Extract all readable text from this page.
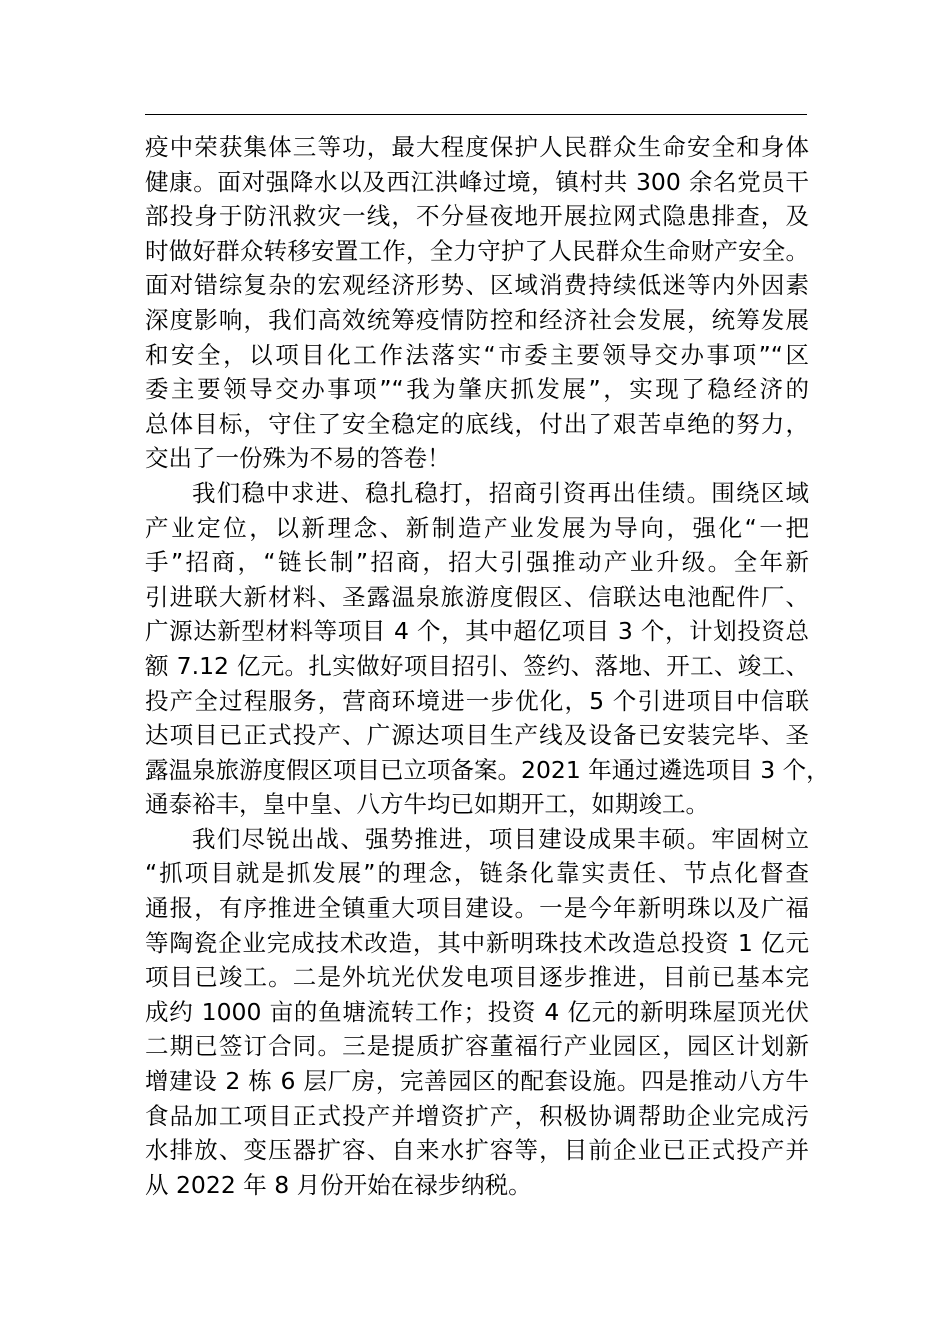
疫中荣获集体三等功，最大程度保护人民群众生命安全和身体
健康。面对强降水以及西江洪峰过境，镇村共 300 余名党员干
部投身于防汛救灾一线，不分昼夜地开展拉网式隐患排查，及
时做好群众转移安置工作，全力守护了人民群众生命财产安全。
面对错综复杂的宏观经济形势、区域消费持续低迷等内外因素
深度影响，我们高效统筹疫情防控和经济社会发展，统筹发展
和安全，以项目化工作法落实“市委主要领导交办事项”“区
委主要领导交办事项”“我为肇庆抓发展”，实现了稳经济的
总体目标，守住了安全稳定的底线，付出了艰苦卓绝的努力，
交出了一份殊为不易的答卷！
我们稳中求进、稳扎稳打，招商引资再出佳绩。围绕区域
产业定位，以新理念、新制造产业发展为导向，强化“一把
手”招商，“链长制”招商，招大引强推动产业升级。全年新
引进联大新材料、圣露温泉旅游度假区、信联达电池配件厂、
广源达新型材料等项目 4 个，其中超亿项目 3 个，计划投资总
额 7.12 亿元。扎实做好项目招引、签约、落地、开工、竣工、
投产全过程服务，营商环境进一步优化，5 个引进项目中信联
达项目已正式投产、广源达项目生产线及设备已安装完毕、圣
露温泉旅游度假区项目已立项备案。2021 年通过遴选项目 3 个，
通泰裕丰，皇中皇、八方牛均已如期开工，如期竣工。
我们尽锐出战、强势推进，项目建设成果丰硕。牢固树立
“抓项目就是抓发展”的理念，链条化靠实责任、节点化督查
通报，有序推进全镇重大项目建设。一是今年新明珠以及广福
等陶瓷企业完成技术改造，其中新明珠技术改造总投资 1 亿元
项目已竣工。二是外坑光伏发电项目逐步推进，目前已基本完
成约 1000 亩的鱼塘流转工作；投资 4 亿元的新明珠屋顶光伏
二期已签订合同。三是提质扩容董福行产业园区，园区计划新
增建设 2 栋 6 层厂房，完善园区的配套设施。四是推动八方牛
食品加工项目正式投产并增资扩产，积极协调帮助企业完成污
水排放、变压器扩容、自来水扩容等，目前企业已正式投产并
从 2022 年 8 月份开始在禄步纳税。
